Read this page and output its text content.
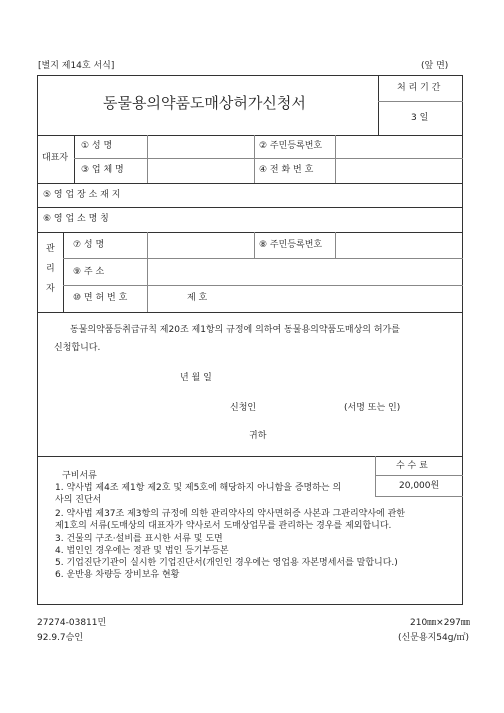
[별지 제14호 서식]	(앞 면)
동물용의약품도매상허가신청서
처 리 기 간
3 일
대표자
① 성 명	② 주민등록번호
③ 업 체 명	④ 전 화 번 호
⑤ 영 업 장 소 재 지
⑥ 영 업 소 명 칭
관
리
자
⑦ 성 명	⑧ 주민등록번호
⑨ 주 소
⑩ 면 허 번 호	제 호
동물의약품등취급규칙 제20조 제1항의 규정에 의하여 동물용의약품도매상의 허가를
신청합니다.
년 월 일
신청인	(서명 또는 인)
귀하
수 수 료
20,000원
구비서류
1. 약사법 제4조 제1항 제2호 및 제5호에 해당하지 아니함을 증명하는 의
사의 진단서
2. 약사법 제37조 제3항의 규정에 의한 관리약사의 약사면허증 사본과 그관리약사에 관한
제1호의 서류(도매상의 대표자가 약사로서 도매상업무를 관리하는 경우를 제외합니다.
3. 건물의 구조·설비를 표시한 서류 및 도면
4. 법인인 경우에는 정관 및 법인 등기부등본
5. 기업진단기관이 실시한 기업진단서(개인인 경우에는 영업용 자본명세서를 말합니다.)
6. 운반용 차량등 장비보유 현황
27274-03811민
92.9.7승인
210㎜×297㎜
(신문용지54g/㎡)
